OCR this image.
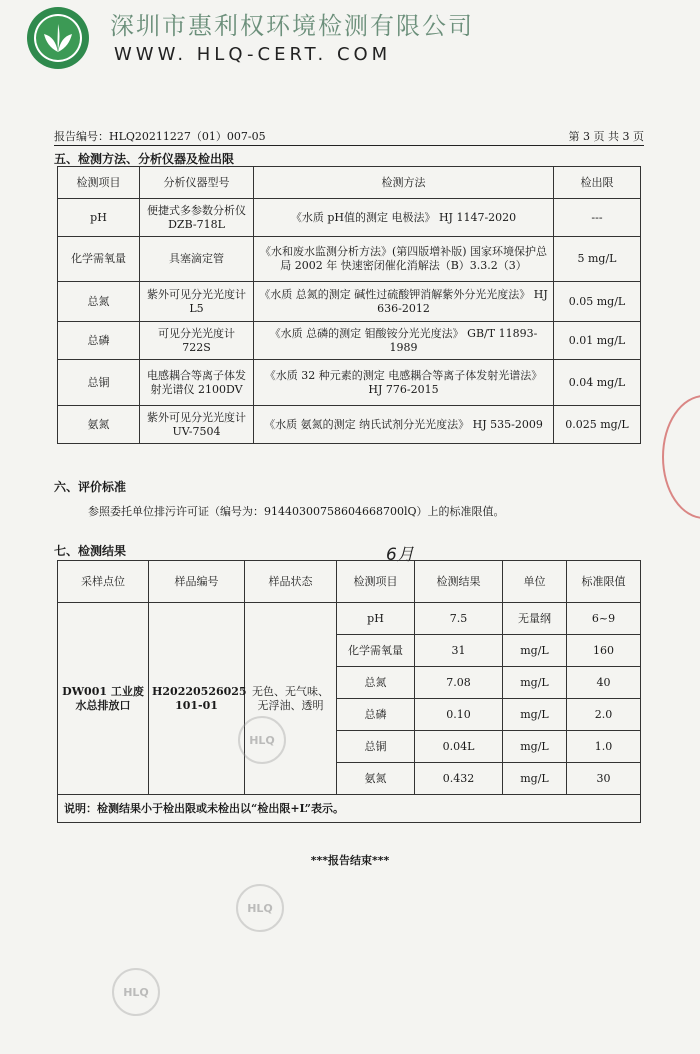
深圳市惠利权环境检测有限公司
WWW. HLQ-CERT. COM
报告编号：HLQ20211227（01）007-05	第 3 页 共 3 页
五、检测方法、分析仪器及检出限
检测项目	分析仪器型号	检测方法	检出限
pH	便捷式多参数分析仪 DZB-718L	《水质 pH值的测定 电极法》 HJ 1147-2020	---
化学需氧量	具塞滴定管	《水和废水监测分析方法》(第四版增补版) 国家环境保护总局 2002 年 快速密闭催化消解法（B）3.3.2（3）	5 mg/L
总氮	紫外可见分光光度计 L5	《水质 总氮的测定 碱性过硫酸钾消解紫外分光光度法》 HJ 636-2012	0.05 mg/L
总磷	可见分光光度计 722S	《水质 总磷的测定 钼酸铵分光光度法》 GB/T 11893-1989	0.01 mg/L
总铜	电感耦合等离子体发射光谱仪 2100DV	《水质 32 种元素的测定 电感耦合等离子体发射光谱法》 HJ 776-2015	0.04 mg/L
氨氮	紫外可见分光光度计 UV-7504	《水质 氨氮的测定 纳氏试剂分光光度法》 HJ 535-2009	0.025 mg/L
六、评价标准
参照委托单位排污许可证（编号为：91440300758604668700lQ）上的标准限值。
七、检测结果	6月
采样点位	样品编号	样品状态	检测项目	检测结果	单位	标准限值
DW001 工业废水总排放口	H20220526025 101-01	无色、无气味、无浮油、透明	pH	7.5	无量纲	6~9
			化学需氧量	31	mg/L	160
			总氮	7.08	mg/L	40
			总磷	0.10	mg/L	2.0
			总铜	0.04L	mg/L	1.0
			氨氮	0.432	mg/L	30
说明：检测结果小于检出限或未检出以“检出限+L”表示。						
***报告结束***
HLQ
HLQ
HLQ
